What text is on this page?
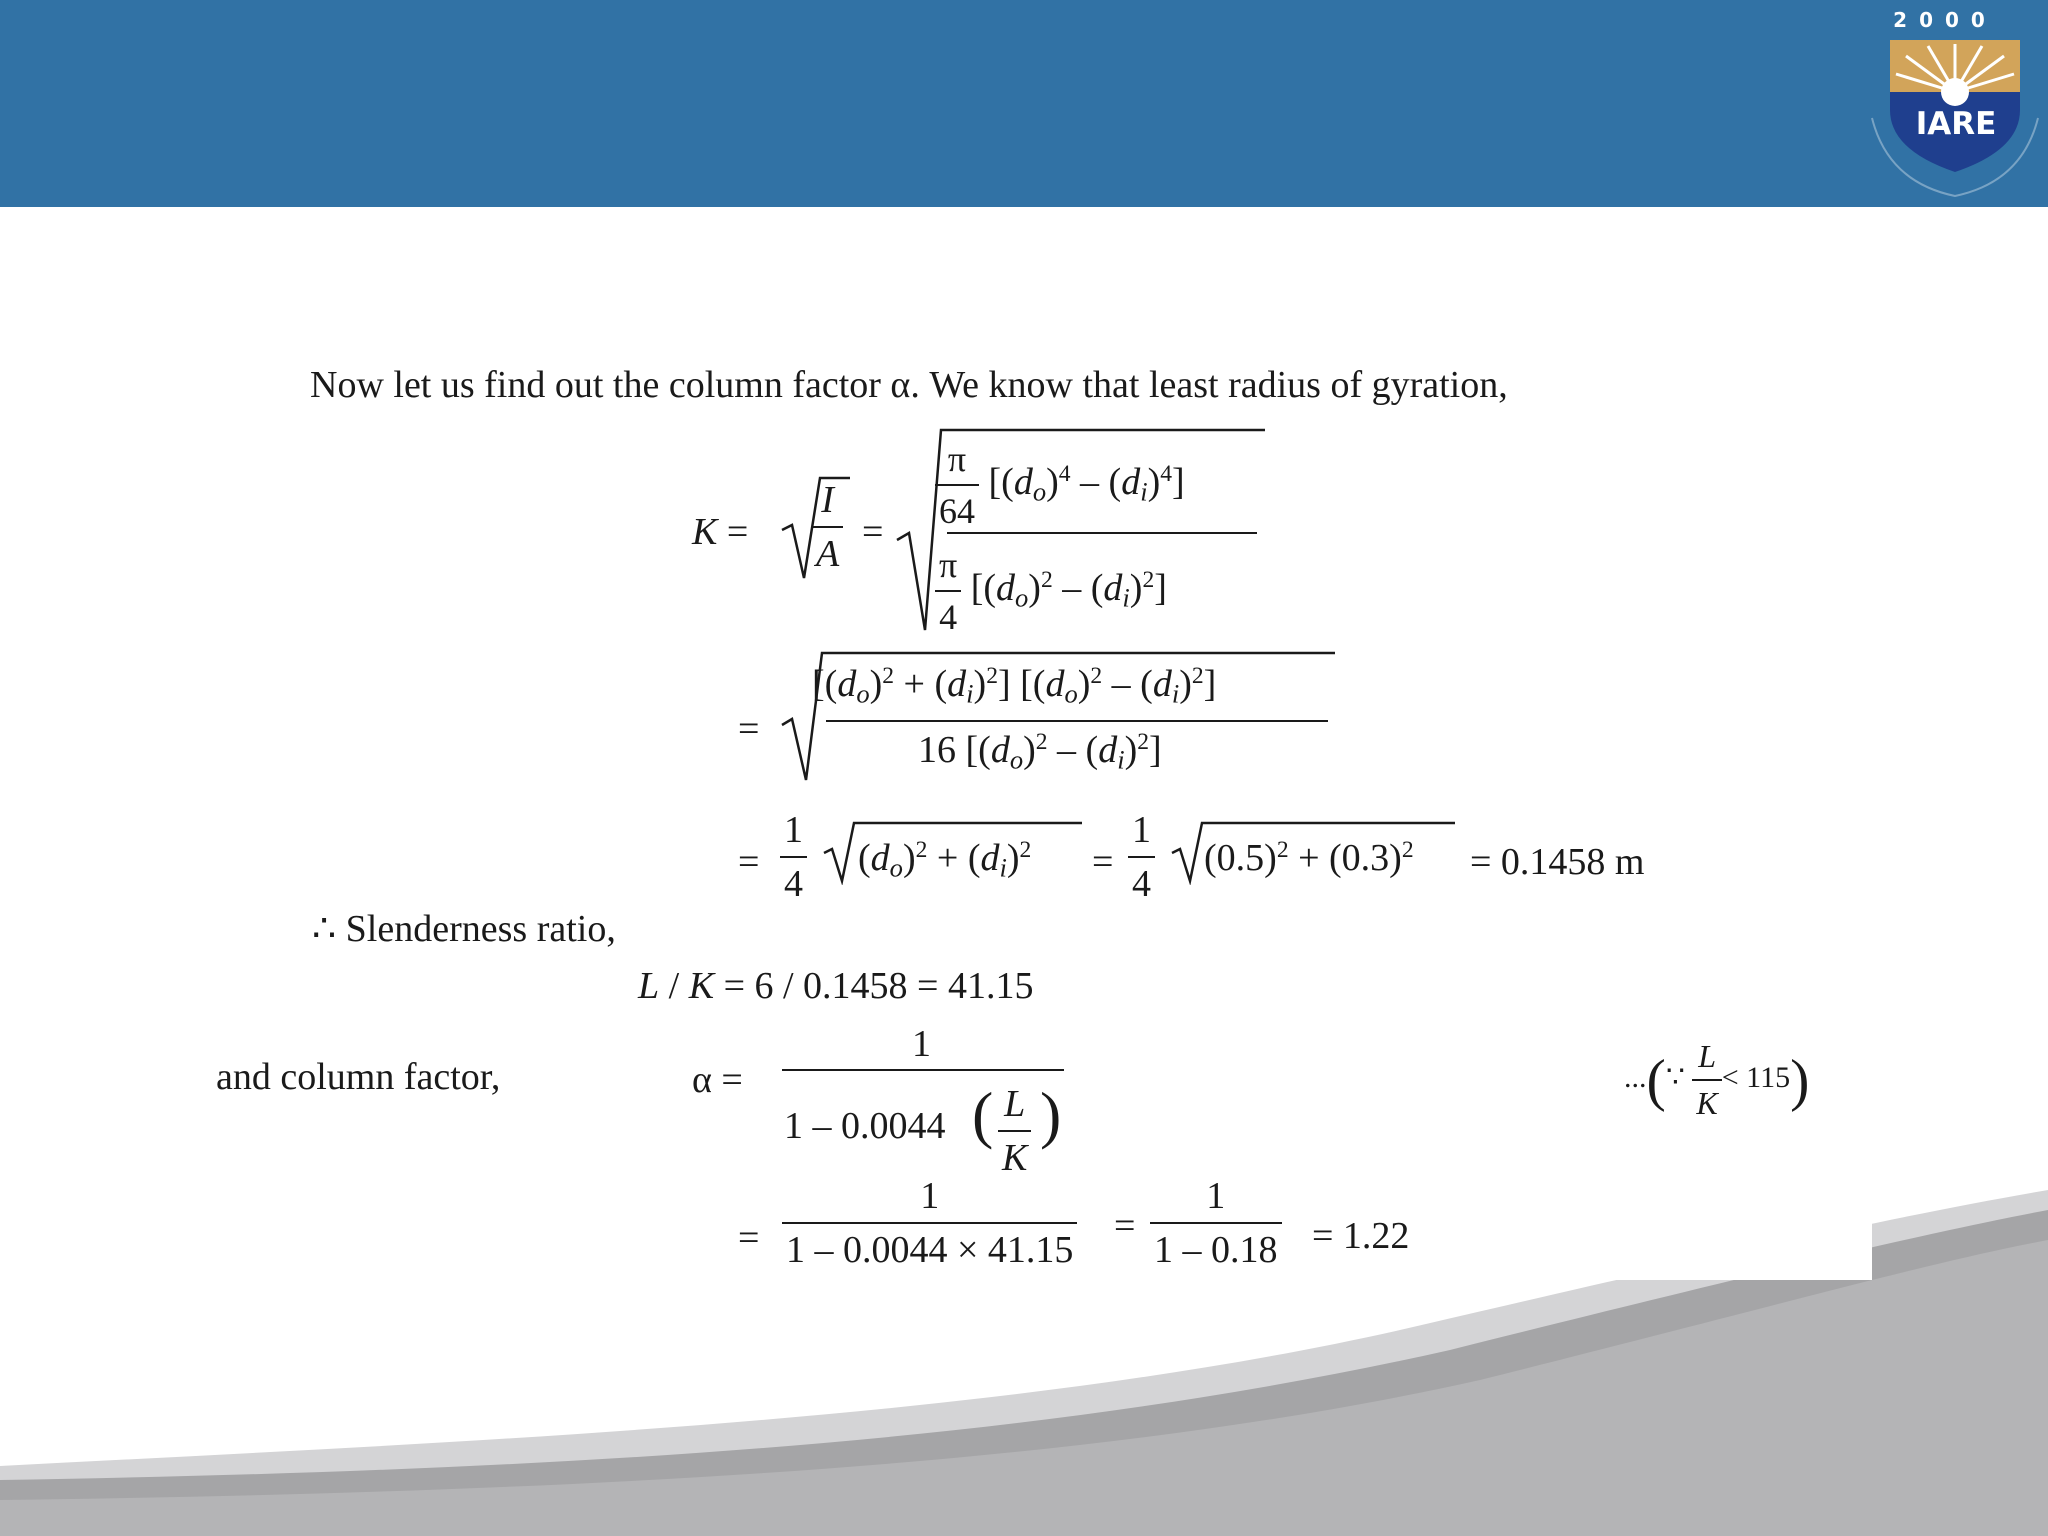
2000
IARE
Now let us find out the column factor α. We know that least radius of gyration,
$K = \frac{I}{A} = \frac{\pi}{64} [(d_o)^4 - (d_i)^4]$
$\frac{\pi}{4} [(d_o)^2 - (d_i)^2]$
=
$[(d_o)^2 + (d_i)^2]$ $[(d_o)^2 - (d_i)^2]$
16 $[(d_o)^2 - (d_i)^2]$
= $\frac{1}{4} (d_o)^2 + (d_i)^2 = \frac{1}{4} (0.5)^2 + (0.3)^2 = 0.1458$ m
∴ Slenderness ratio,
L / K = 6 / 0.1458 = 41.15
and column factor,	α =
1
1 – 0.0044 ( $\frac{L}{K}$ )
...(∵ $\frac{L}{K} < 115$)
= $\frac{1}{1 - 0.0044 \times 41.15} = \frac{1}{1 - 0.18} = 1.22$
